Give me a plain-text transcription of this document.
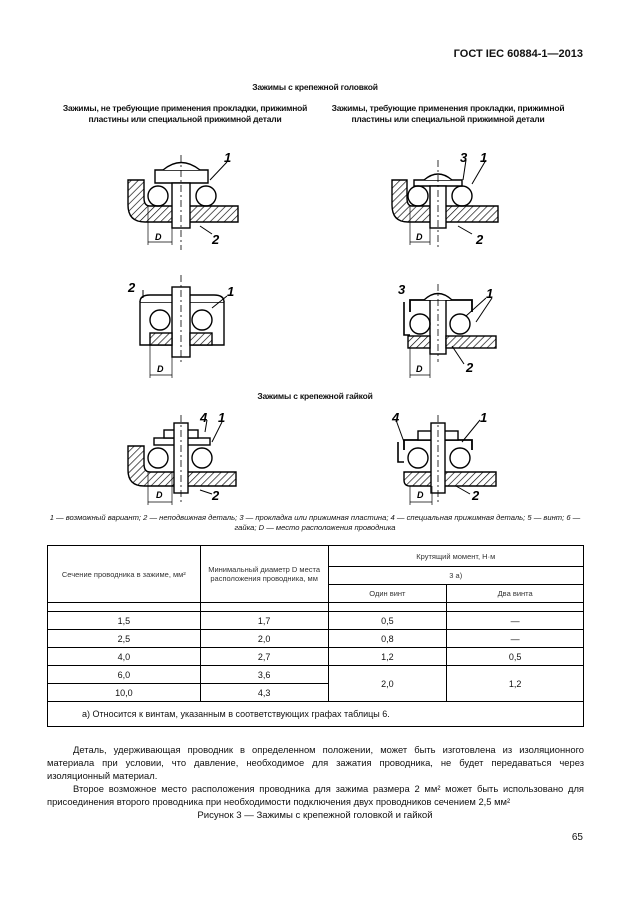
ГОСТ IEC 60884-1—2013
Зажимы с крепежной головкой
Зажимы, не требующие применения прокладки, прижимной пластины или специальной прижимной детали
Зажимы, требующие применения прокладки, прижимной пластины или специальной прижимной детали
Зажимы с крепежной гайкой
1
2
3 1
2
2	1	3	1
2
4 1
2
4	1
2
D	D
D	D
D	D
1 — возможный вариант; 2 — неподвижная деталь; 3 — прокладка или прижимная пластина; 4 — специальная прижимная деталь; 5 — винт; 6 — гайка; D — место расположения проводника
Сечение проводника в зажиме, мм²	Минимальный диаметр D места расположения проводника, мм	Крутящий момент, Н·м	
		3 a)	
		Один винт	Два винта

1,5	1,7	0,5	—
2,5	2,0	0,8	—
4,0	2,7	1,2	0,5
6,0	3,6	2,0	1,2
10,0	4,3		
a) Относится к винтам, указанным в соответствующих графах таблицы 6.			
Деталь, удерживающая проводник в определенном положении, может быть изготовлена из изоляционного материала при условии, что давление, необходимое для зажатия проводника, не будет передаваться через изоляционный материал.
Второе возможное место расположения проводника для зажима размера 2 мм² может быть использовано для присоединения второго проводника при необходимости подключения двух проводников сечением 2,5 мм²
Рисунок 3 — Зажимы с крепежной головкой и гайкой
65
